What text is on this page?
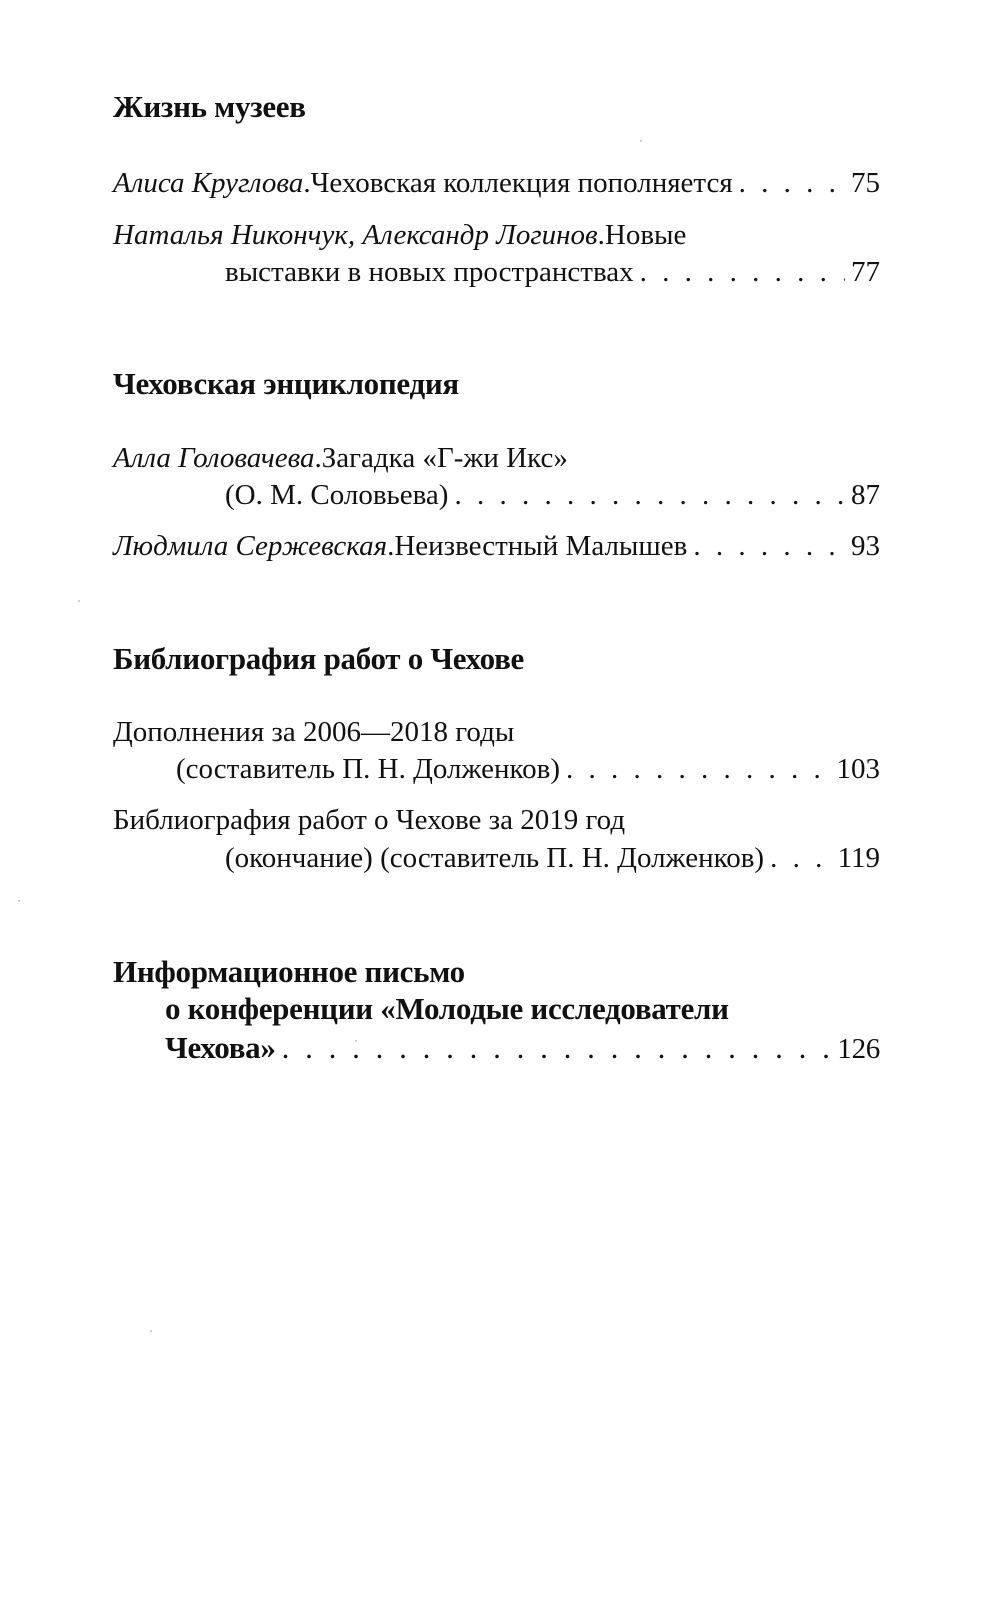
Жизнь музеев
Алиса Круглова . Чеховская коллекция пополняется . . .	75
Наталья Никончук, Александр Логинов . Новые
выставки в новых пространствах . . .	77
Чеховская энциклопедия
Алла Головачева . Загадка «Г-жи Икс»
(О. М. Соловьева) . . .	87
Людмила Сержевская . Неизвестный Малышев . . .	93
Библиография работ о Чехове
Дополнения за 2006—2018 годы
(составитель П. Н. Долженков) . . .	103
Библиография работ о Чехове за 2019 год
(окончание) (составитель П. Н. Долженков) . . .	119
Информационное письмо
о конференции «Молодые исследователи
Чехова» . . .	126
